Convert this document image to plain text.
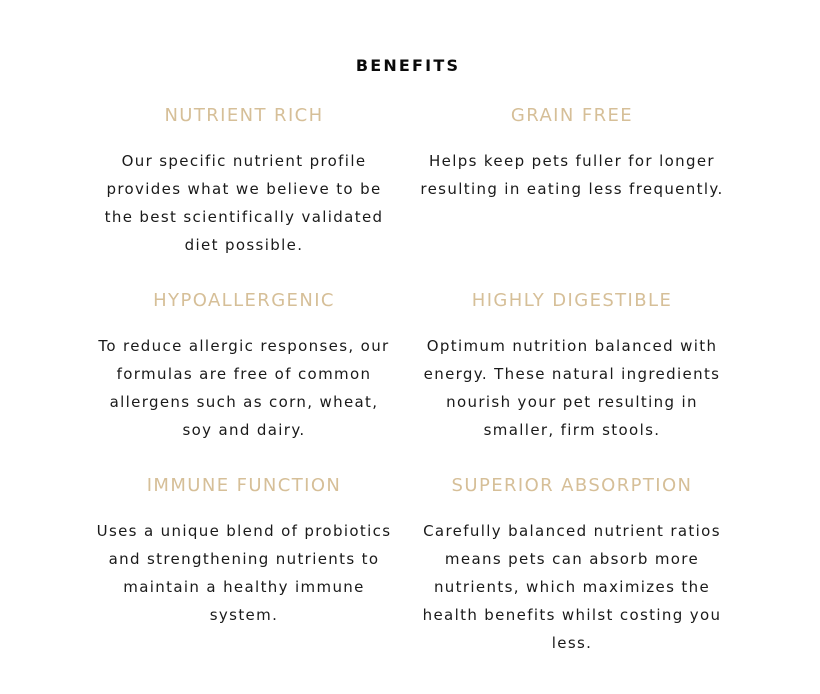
BENEFITS
NUTRIENT RICH

Our specific nutrient profile provides what we believe to be the best scientifically validated diet possible.

GRAIN FREE

Helps keep pets fuller for longer resulting in eating less frequently.

HYPOALLERGENIC

To reduce allergic responses, our formulas are free of common allergens such as corn, wheat, soy and dairy.

HIGHLY DIGESTIBLE

Optimum nutrition balanced with energy. These natural ingredients nourish your pet resulting in smaller, firm stools.

IMMUNE FUNCTION

Uses a unique blend of probiotics and strengthening nutrients to maintain a healthy immune system.

SUPERIOR ABSORPTION

Carefully balanced nutrient ratios means pets can absorb more nutrients, which maximizes the health benefits whilst costing you less.
